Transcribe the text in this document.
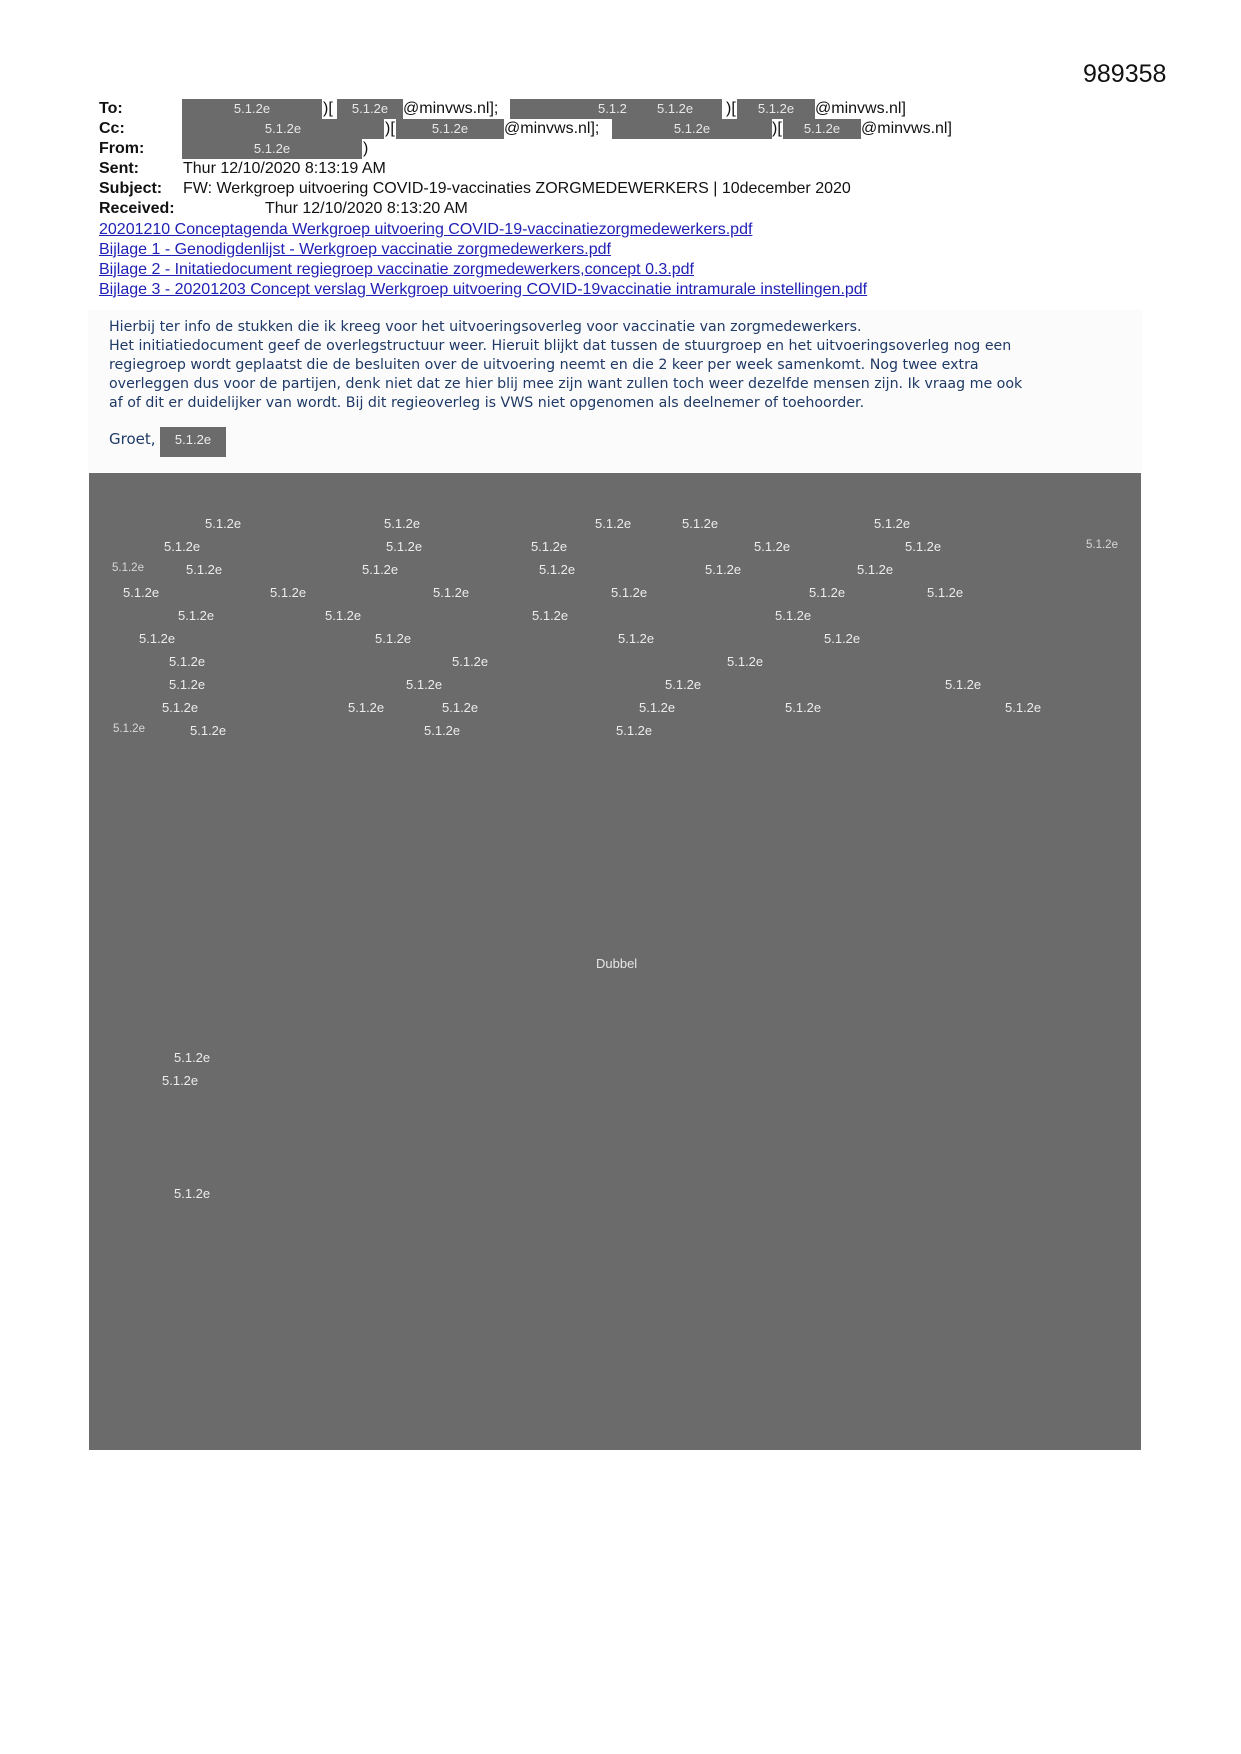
989358
To:	5.1.2e	)[	5.1.2e @minvws.nl];	5.1.2 5.1.2e )[	5.1.2e	@minvws.nl]
Cc:	5.1.2e	)[	5.1.2e	@minvws.nl];	5.1.2e	)[	5.1.2e	@minvws.nl]
From:	5.1.2e	)
Sent:	Thur 12/10/2020 8:13:19 AM
Subject: FW: Werkgroep uitvoering COVID-19-vaccinaties ZORGMEDEWERKERS | 10december 2020
Received:	Thur 12/10/2020 8:13:20 AM
20201210 Conceptagenda Werkgroep uitvoering COVID-19-vaccinatiezorgmedewerkers.pdf
Bijlage 1 - Genodigdenlijst - Werkgroep vaccinatie zorgmedewerkers.pdf
Bijlage 2 - Initatiedocument regiegroep vaccinatie zorgmedewerkers,concept 0.3.pdf
Bijlage 3 - 20201203 Concept verslag Werkgroep uitvoering COVID-19vaccinatie intramurale instellingen.pdf

Hierbij ter info de stukken die ik kreeg voor het uitvoeringsoverleg voor vaccinatie van zorgmedewerkers.

Het initiatiedocument geef de overlegstructuur weer. Hieruit blijkt dat tussen de stuurgroep en het uitvoeringsoverleg nog een

regiegroep wordt geplaatst die de besluiten over de uitvoering neemt en die 2 keer per week samenkomt. Nog twee extra

overleggen dus voor de partijen, denk niet dat ze hier blij mee zijn want zullen toch weer dezelfde mensen zijn. Ik vraag me ook

af of dit er duidelijker van wordt. Bij dit regieoverleg is VWS niet opgenomen als deelnemer of toehoorder.

Groet,	5.1.2e
Dubbel
5.1.2e	5.1.2e	5.1.2e	5.1.2e	5.1.2e
5.1.2e	5.1.2e	5.1.2e	5.1.2e	5.1.2e	5.1.2e
5.1.2e	5.1.2e	5.1.2e	5.1.2e	5.1.2e	5.1.2e
5.1.2e	5.1.2e	5.1.2e	5.1.2e	5.1.2e	5.1.2e
5.1.2e	5.1.2e	5.1.2e	5.1.2e
5.1.2e	5.1.2e	5.1.2e	5.1.2e
5.1.2e	5.1.2e	5.1.2e
5.1.2e	5.1.2e	5.1.2e	5.1.2e
5.1.2e	5.1.2e	5.1.2e	5.1.2e	5.1.2e	5.1.2e
5.1.2e	5.1.2e	5.1.2e	5.1.2e
5.1.2e
5.1.2e
5.1.2e
